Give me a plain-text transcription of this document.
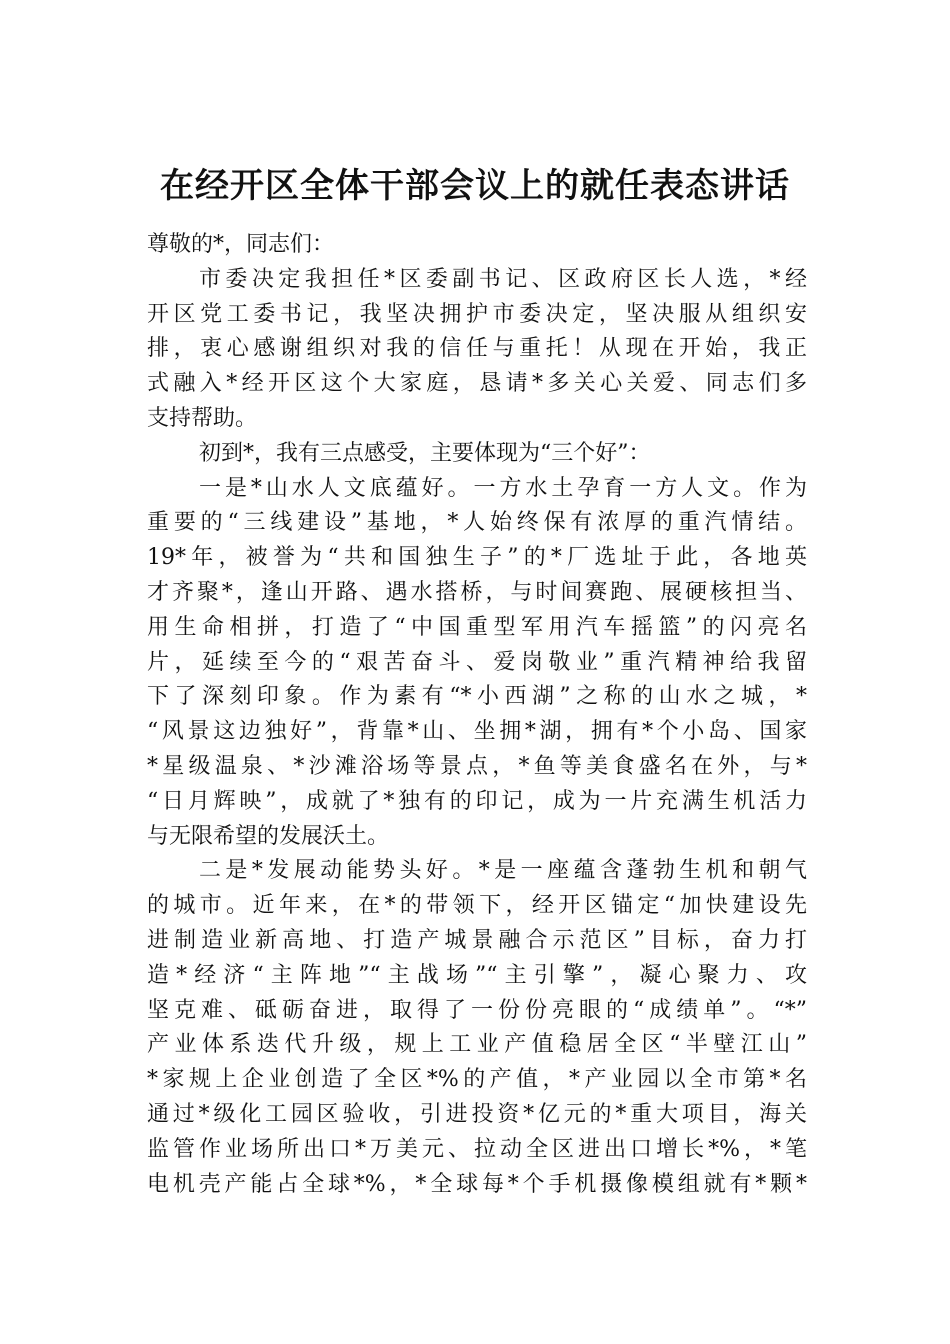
在经开区全体干部会议上的就任表态讲话
尊敬的*，同志们：
市委决定我担任*区委副书记、区政府区长人选，*经
开区党工委书记，我坚决拥护市委决定，坚决服从组织安
排，衷心感谢组织对我的信任与重托！从现在开始，我正
式融入*经开区这个大家庭，恳请*多关心关爱、同志们多
支持帮助。
初到*，我有三点感受，主要体现为“三个好”：
一是*山水人文底蕴好。一方水土孕育一方人文。作为
重要的“三线建设”基地，*人始终保有浓厚的重汽情结。
19*年，被誉为“共和国独生子”的*厂选址于此，各地英
才齐聚*，逢山开路、遇水搭桥，与时间赛跑、展硬核担当、
用生命相拼，打造了“中国重型军用汽车摇篮”的闪亮名
片，延续至今的“艰苦奋斗、爱岗敬业”重汽精神给我留
下了深刻印象。作为素有“*小西湖”之称的山水之城，*
“风景这边独好”，背靠*山、坐拥*湖，拥有*个小岛、国家
*星级温泉、*沙滩浴场等景点，*鱼等美食盛名在外，与*
“日月辉映”，成就了*独有的印记，成为一片充满生机活力
与无限希望的发展沃土。
二是*发展动能势头好。*是一座蕴含蓬勃生机和朝气
的城市。近年来，在*的带领下，经开区锚定“加快建设先
进制造业新高地、打造产城景融合示范区”目标，奋力打
造*经济“主阵地”“主战场”“主引擎”，凝心聚力、攻
坚克难、砥砺奋进，取得了一份份亮眼的“成绩单”。“*”
产业体系迭代升级，规上工业产值稳居全区“半壁江山”
*家规上企业创造了全区*%的产值，*产业园以全市第*名
通过*级化工园区验收，引进投资*亿元的*重大项目，海关
监管作业场所出口*万美元、拉动全区进出口增长*%，*笔
电机壳产能占全球*%，*全球每*个手机摄像模组就有*颗*
